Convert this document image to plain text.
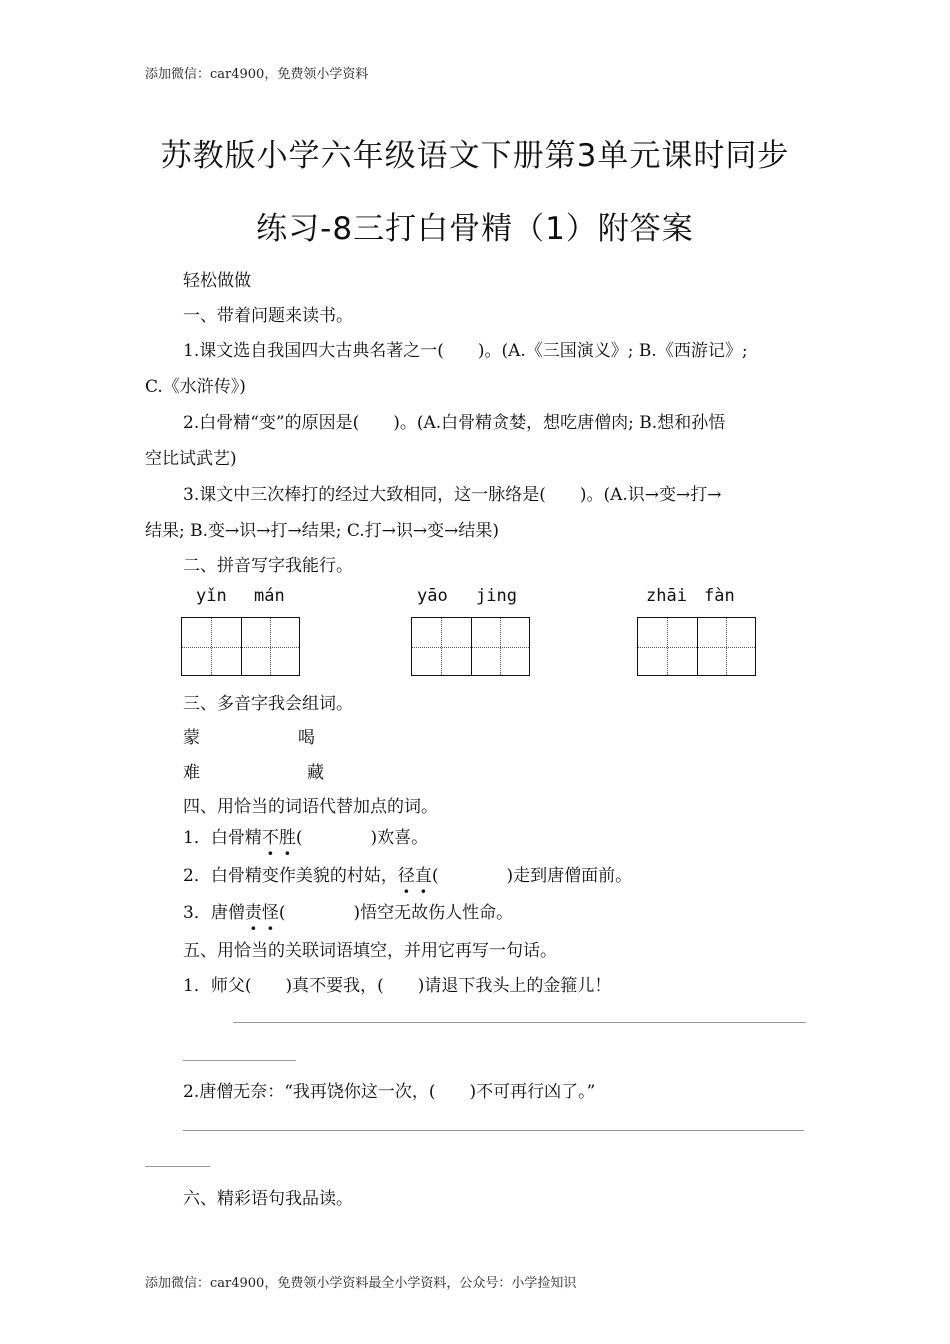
添加微信：car4900，免费领小学资料
苏教版小学六年级语文下册第3单元课时同步
练习-8三打白骨精（1）附答案
轻松做做
一、带着问题来读书。
1.课文选自我国四大古典名著之一(　　)。(A.《三国演义》; B.《西游记》;
C.《水浒传》)
2.白骨精“变”的原因是(　　)。(A.白骨精贪婪，想吃唐僧肉; B.想和孙悟
空比试武艺)
3.课文中三次棒打的经过大致相同，这一脉络是(　　)。(A.识→变→打→
结果; B.变→识→打→结果; C.打→识→变→结果)
二、拼音写字我能行。
yǐn mán	yāo jing	zhāi fàn
三、多音字我会组词。
蒙	喝
难	藏
四、用恰当的词语代替加点的词。
1．白骨精不胜(　　　　)欢喜。
2．白骨精变作美貌的村姑，径直(　　　　)走到唐僧面前。
3．唐僧责怪(　　　　)悟空无故伤人性命。
五、用恰当的关联词语填空，并用它再写一句话。
1．师父(　　)真不要我，(　　)请退下我头上的金箍儿！
2.唐僧无奈：“我再饶你这一次，(　　)不可再行凶了。”
六、精彩语句我品读。
添加微信：car4900，免费领小学资料最全小学资料，公众号：小学捡知识
